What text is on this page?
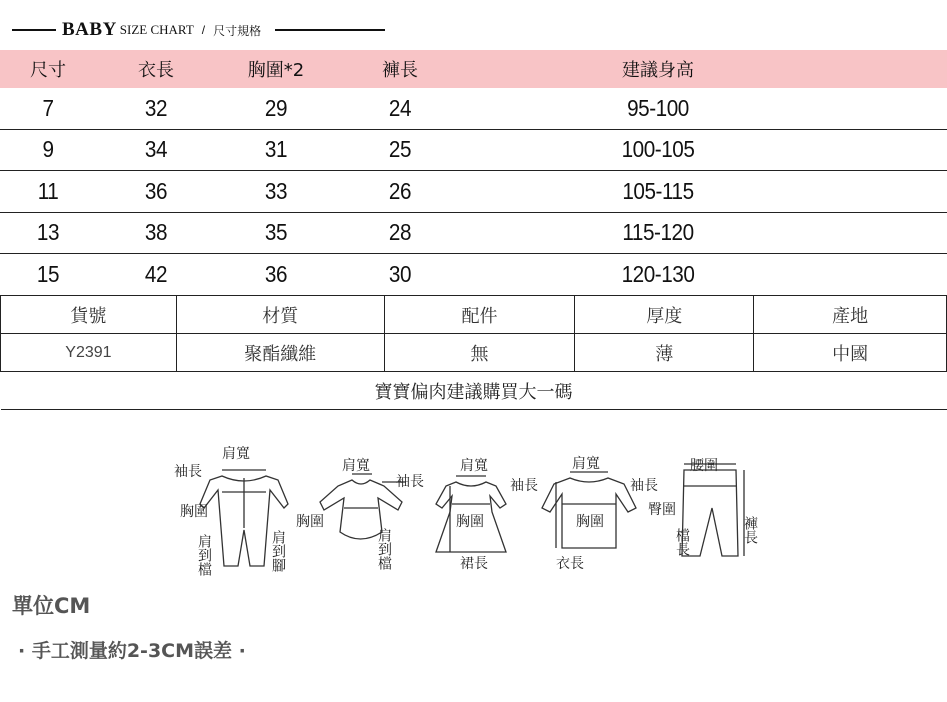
BABY SIZE CHART / 尺寸規格
尺寸	衣長	胸圍*2	褲長	建議身高
7	32	29	24	95-100
9	34	31	25	100-105
11	36	33	26	105-115
13	38	35	28	115-120
15	42	36	30	120-130
貨號	材質	配件	厚度	產地
Y2391	聚酯纖維	無	薄	中國
寶寶偏肉建議購買大一碼				
肩寬
袖長
胸圍
肩到檔	肩到腳
肩寬
袖長
胸圍
肩到檔
肩寬
袖長
胸圍
裙長
肩寬
袖長
胸圍
衣長
腰圍
臀圍
檔長	褲長
單位CM
· 手工測量約2-3CM誤差 ·
